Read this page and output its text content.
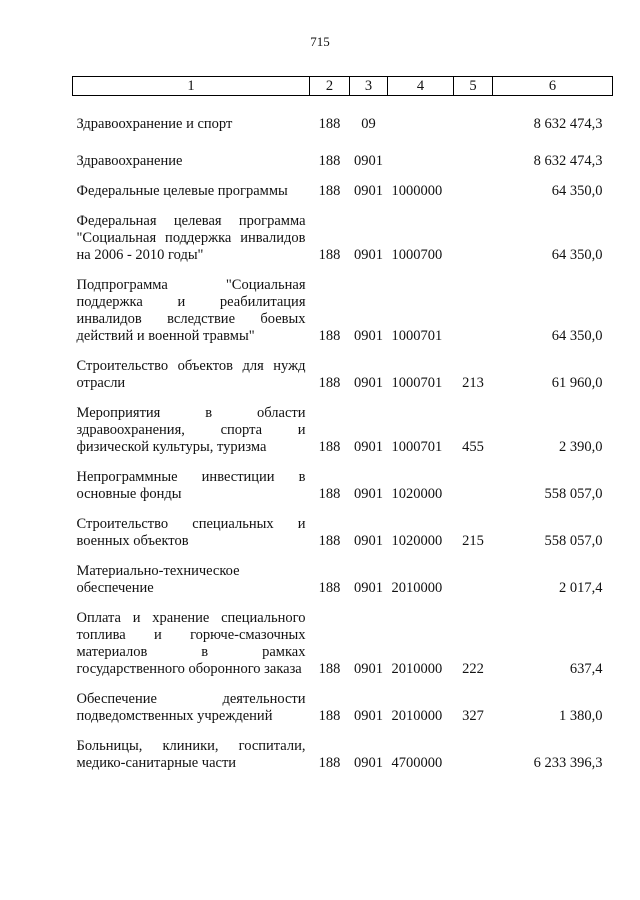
715
1	2	3	4	5	6

Здравоохранение и спорт	188	09			8 632 474,3

Здравоохранение	188	0901			8 632 474,3

Федеральные целевые программы	188	0901	1000000		64 350,0

Федеральная целевая программа "Социальная поддержка инвалидов на 2006 - 2010 годы"	188	0901	1000700		64 350,0

Подпрограмма "Социальная поддержка и реабилитация инвалидов вследствие боевых действий и военной травмы"	188	0901	1000701		64 350,0

Строительство объектов для нужд отрасли	188	0901	1000701	213	61 960,0

Мероприятия в области здравоохранения, спорта и физической культуры, туризма	188	0901	1000701	455	2 390,0

Непрограммные инвестиции в основные фонды	188	0901	1020000		558 057,0

Строительство специальных и военных объектов	188	0901	1020000	215	558 057,0

Материально-техническое обеспечение	188	0901	2010000		2 017,4

Оплата и хранение специального топлива и горюче-смазочных материалов в рамках государственного оборонного заказа	188	0901	2010000	222	637,4

Обеспечение деятельности подведомственных учреждений	188	0901	2010000	327	1 380,0

Больницы, клиники, госпитали, медико-санитарные части	188	0901	4700000		6 233 396,3
